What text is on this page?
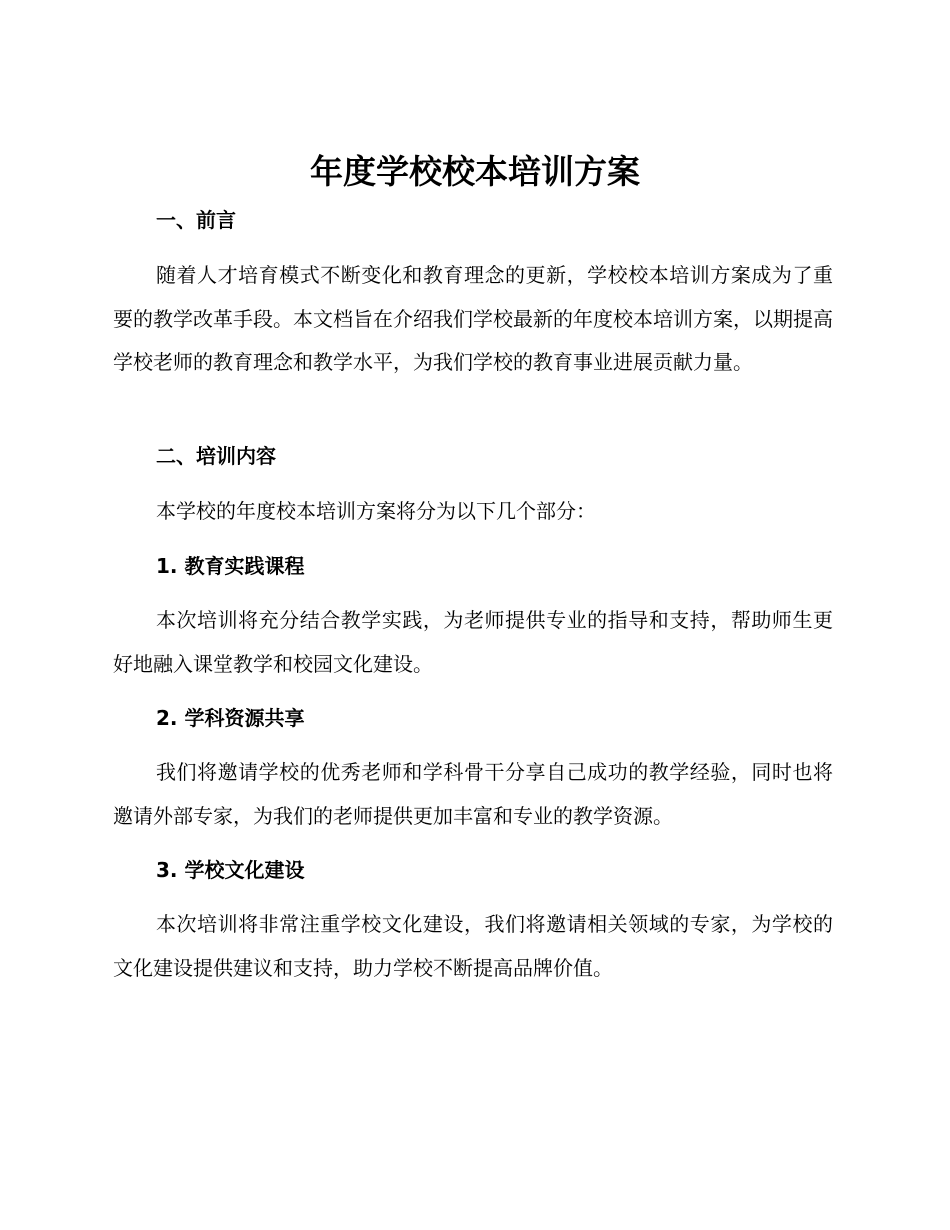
年度学校校本培训方案
一、前言

随着人才培育模式不断变化和教育理念的更新，学校校本培训方案成为了重要的教学改革手段。本文档旨在介绍我们学校最新的年度校本培训方案，以期提高学校老师的教育理念和教学水平，为我们学校的教育事业进展贡献力量。

二、培训内容

本学校的年度校本培训方案将分为以下几个部分：

1. 教育实践课程

本次培训将充分结合教学实践，为老师提供专业的指导和支持，帮助师生更好地融入课堂教学和校园文化建设。

2. 学科资源共享

我们将邀请学校的优秀老师和学科骨干分享自己成功的教学经验，同时也将邀请外部专家，为我们的老师提供更加丰富和专业的教学资源。

3. 学校文化建设

本次培训将非常注重学校文化建设，我们将邀请相关领域的专家，为学校的文化建设提供建议和支持，助力学校不断提高品牌价值。
